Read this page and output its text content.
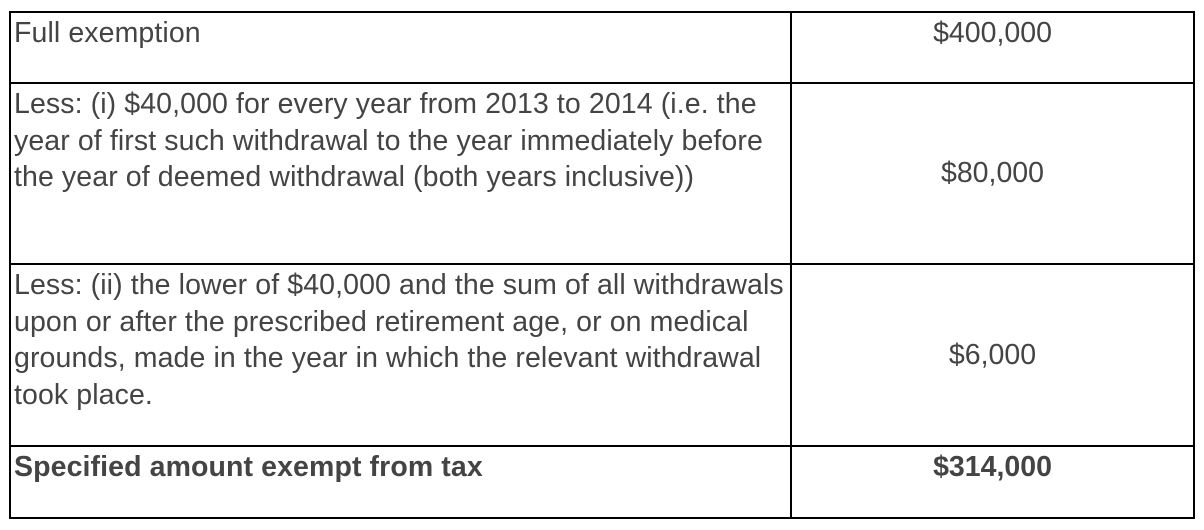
Full exemption	$400,000
Less: (i) $40,000 for every year from 2013 to 2014 (i.e. the year of first such withdrawal to the year immediately before the year of deemed withdrawal (both years inclusive))	$80,000
Less: (ii) the lower of $40,000 and the sum of all withdrawals upon or after the prescribed retirement age, or on medical grounds, made in the year in which the relevant withdrawal took place.	$6,000
Specified amount exempt from tax	$314,000
